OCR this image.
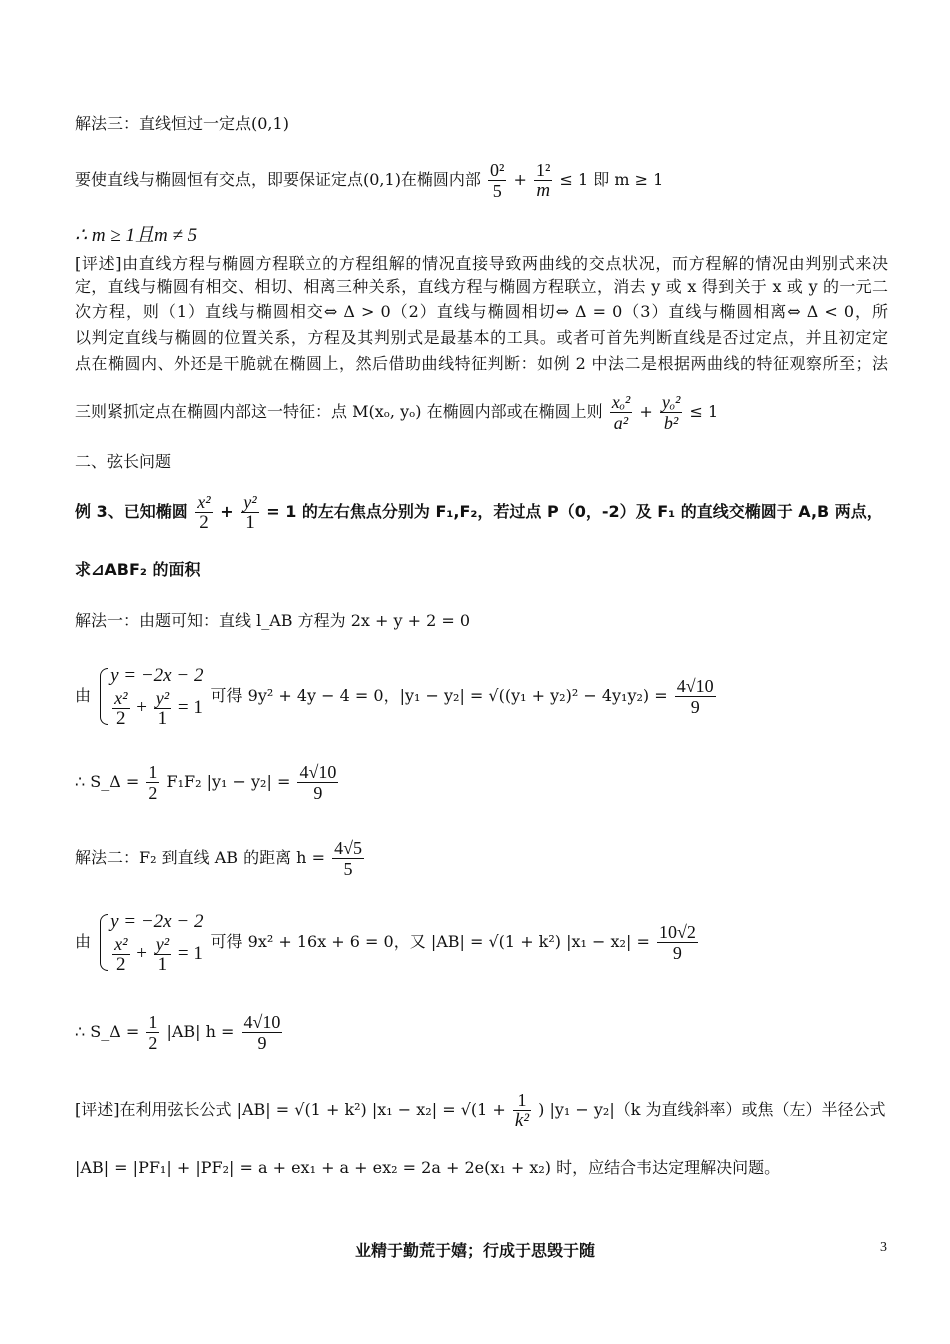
解法三：直线恒过一定点(0,1)
要使直线与椭圆恒有交点，即要保证定点(0,1)在椭圆内部 $\frac{\text{0²}}{5} + \frac{\text{1²}}{m} \le 1$ 即 m ≥ 1
∴ m ≥ 1且m ≠ 5
[评述]由直线方程与椭圆方程联立的方程组解的情况直接导致两曲线的交点状况，而方程解的情况由判别式来决
定，直线与椭圆有相交、相切、相离三种关系，直线方程与椭圆方程联立，消去 y 或 x 得到关于 x 或 y 的一元二
次方程，则（1）直线与椭圆相交⇔ Δ > 0（2）直线与椭圆相切⇔ Δ = 0（3）直线与椭圆相离⇔ Δ < 0，所
以判定直线与椭圆的位置关系，方程及其判别式是最基本的工具。或者可首先判断直线是否过定点，并且初定定
点在椭圆内、外还是干脆就在椭圆上，然后借助曲线特征判断：如例 2 中法二是根据两曲线的特征观察所至；法
三则紧抓定点在椭圆内部这一特征：点 M(xₒ, yₒ) 在椭圆内部或在椭圆上则 $\frac{\text{xₒ²}}{\text{a²}} + \frac{\text{yₒ²}}{\text{b²}} \le 1$
二、弦长问题
例 3、已知椭圆 $\frac{\text{x²}}{2} + \frac{\text{y²}}{1} = 1$ 的左右焦点分别为 F₁,F₂，若过点 P（0，-2）及 F₁ 的直线交椭圆于 A,B 两点，
求⊿ABF₂ 的面积
解法一：由题可知：直线 l_AB 方程为 2x + y + 2 = 0
由
y = −2x − 2
$\frac{\text{x²}}{2} + \frac{\text{y²}}{1} = 1$
可得 9y² + 4y − 4 = 0，$|y_1 - y_2| = √((y_1 + y_2)^2 - 4y_1y_2) = \frac{4√10}{9}$
∴ S_Δ = $\frac{1}{2} F_1F_2$ $|y_1 - y_2| = \frac{4√10}{9}$
解法二：F₂ 到直线 AB 的距离 $h = \frac{4√5}{5}$
由
y = −2x − 2
$\frac{\text{x²}}{2} + \frac{\text{y²}}{1} = 1$
可得 9x² + 16x + 6 = 0，又 |AB| = √(1 + k²) $|x_1 - x_2| = \frac{10√2}{9}$
∴ S_Δ = $\frac{1}{2} |AB|$ $h = \frac{4√10}{9}$
[评述]在利用弦长公式 |AB| = √(1 + k²) $|x_1 - x_2| = √(1 + \frac{1}{\text{k²}}$ ) |y₁ − y₂|（k 为直线斜率）或焦（左）半径公式
|AB| = |PF₁| + |PF₂| = a + ex₁ + a + ex₂ = 2a + 2e(x₁ + x₂) 时，应结合韦达定理解决问题。
业精于勤荒于嬉；行成于思毁于随	3
